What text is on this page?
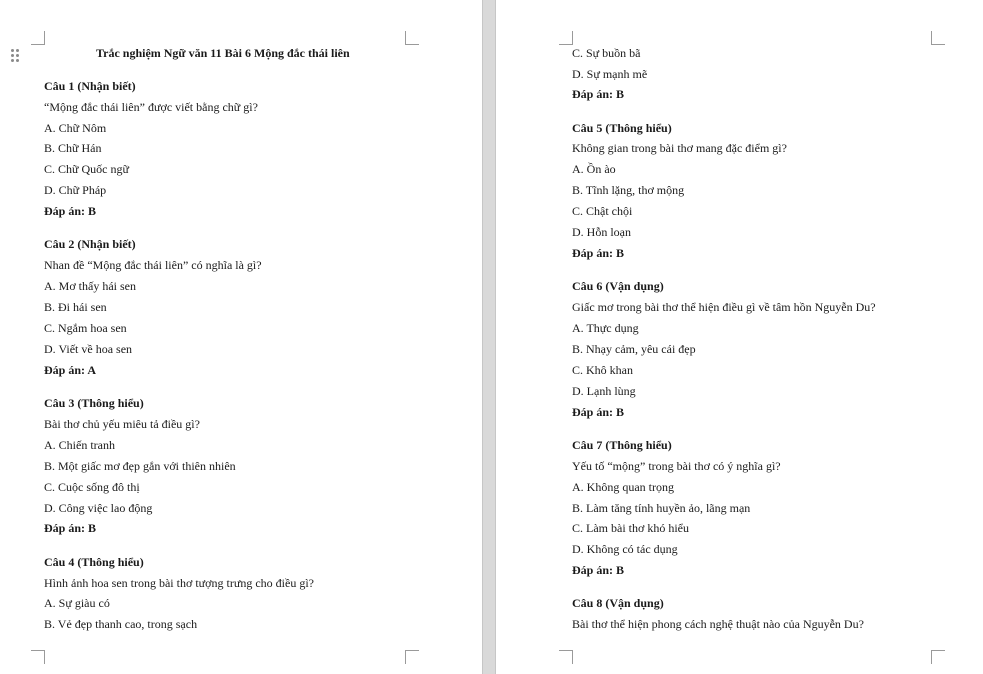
Trắc nghiệm Ngữ văn 11 Bài 6 Mộng đắc thái liên
Câu 1 (Nhận biết)
“Mộng đắc thái liên” được viết bằng chữ gì?
A. Chữ Nôm
B. Chữ Hán
C. Chữ Quốc ngữ
D. Chữ Pháp
Đáp án: B
Câu 2 (Nhận biết)
Nhan đề “Mộng đắc thái liên” có nghĩa là gì?
A. Mơ thấy hái sen
B. Đi hái sen
C. Ngắm hoa sen
D. Viết về hoa sen
Đáp án: A
Câu 3 (Thông hiểu)
Bài thơ chủ yếu miêu tả điều gì?
A. Chiến tranh
B. Một giấc mơ đẹp gắn với thiên nhiên
C. Cuộc sống đô thị
D. Công việc lao động
Đáp án: B
Câu 4 (Thông hiểu)
Hình ảnh hoa sen trong bài thơ tượng trưng cho điều gì?
A. Sự giàu có
B. Vẻ đẹp thanh cao, trong sạch
C. Sự buồn bã
D. Sự mạnh mẽ
Đáp án: B
Câu 5 (Thông hiểu)
Không gian trong bài thơ mang đặc điểm gì?
A. Ồn ào
B. Tĩnh lặng, thơ mộng
C. Chật chội
D. Hỗn loạn
Đáp án: B
Câu 6 (Vận dụng)
Giấc mơ trong bài thơ thể hiện điều gì về tâm hồn Nguyễn Du?
A. Thực dụng
B. Nhạy cảm, yêu cái đẹp
C. Khô khan
D. Lạnh lùng
Đáp án: B
Câu 7 (Thông hiểu)
Yếu tố “mộng” trong bài thơ có ý nghĩa gì?
A. Không quan trọng
B. Làm tăng tính huyền ảo, lãng mạn
C. Làm bài thơ khó hiểu
D. Không có tác dụng
Đáp án: B
Câu 8 (Vận dụng)
Bài thơ thể hiện phong cách nghệ thuật nào của Nguyễn Du?
